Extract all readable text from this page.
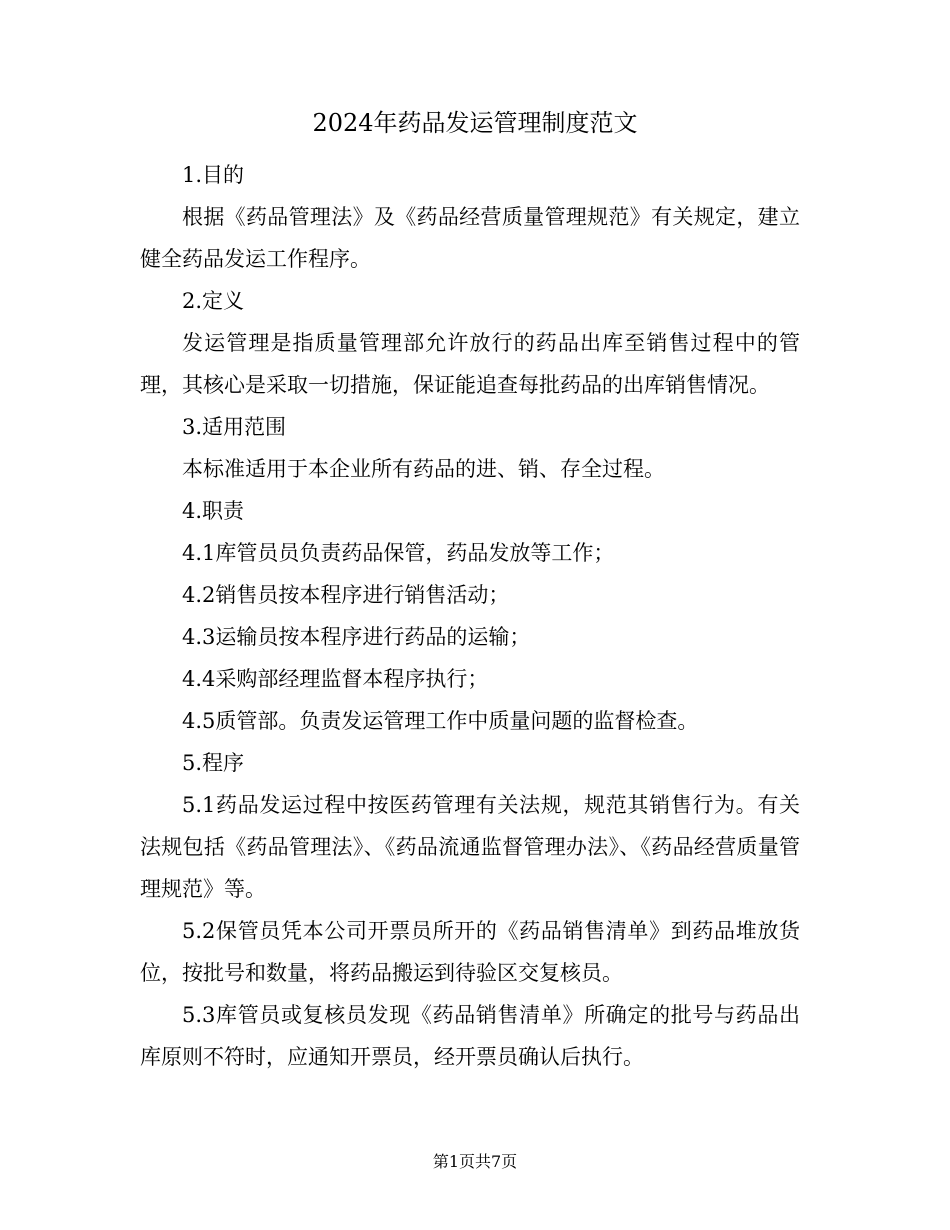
2024年药品发运管理制度范文

1.目的

根据《药品管理法》及《药品经营质量管理规范》有关规定，建立健全药品发运工作程序。

2.定义

发运管理是指质量管理部允许放行的药品出库至销售过程中的管理，其核心是采取一切措施，保证能追查每批药品的出库销售情况。

3.适用范围

本标准适用于本企业所有药品的进、销、存全过程。

4.职责

4.1库管员员负责药品保管，药品发放等工作；

4.2销售员按本程序进行销售活动；

4.3运输员按本程序进行药品的运输；

4.4采购部经理监督本程序执行；

4.5质管部。负责发运管理工作中质量问题的监督检查。

5.程序

5.1药品发运过程中按医药管理有关法规，规范其销售行为。有关法规包括《药品管理法》、《药品流通监督管理办法》、《药品经营质量管理规范》等。

5.2保管员凭本公司开票员所开的《药品销售清单》到药品堆放货位，按批号和数量，将药品搬运到待验区交复核员。

5.3库管员或复核员发现《药品销售清单》所确定的批号与药品出库原则不符时，应通知开票员，经开票员确认后执行。

第1页共7页
